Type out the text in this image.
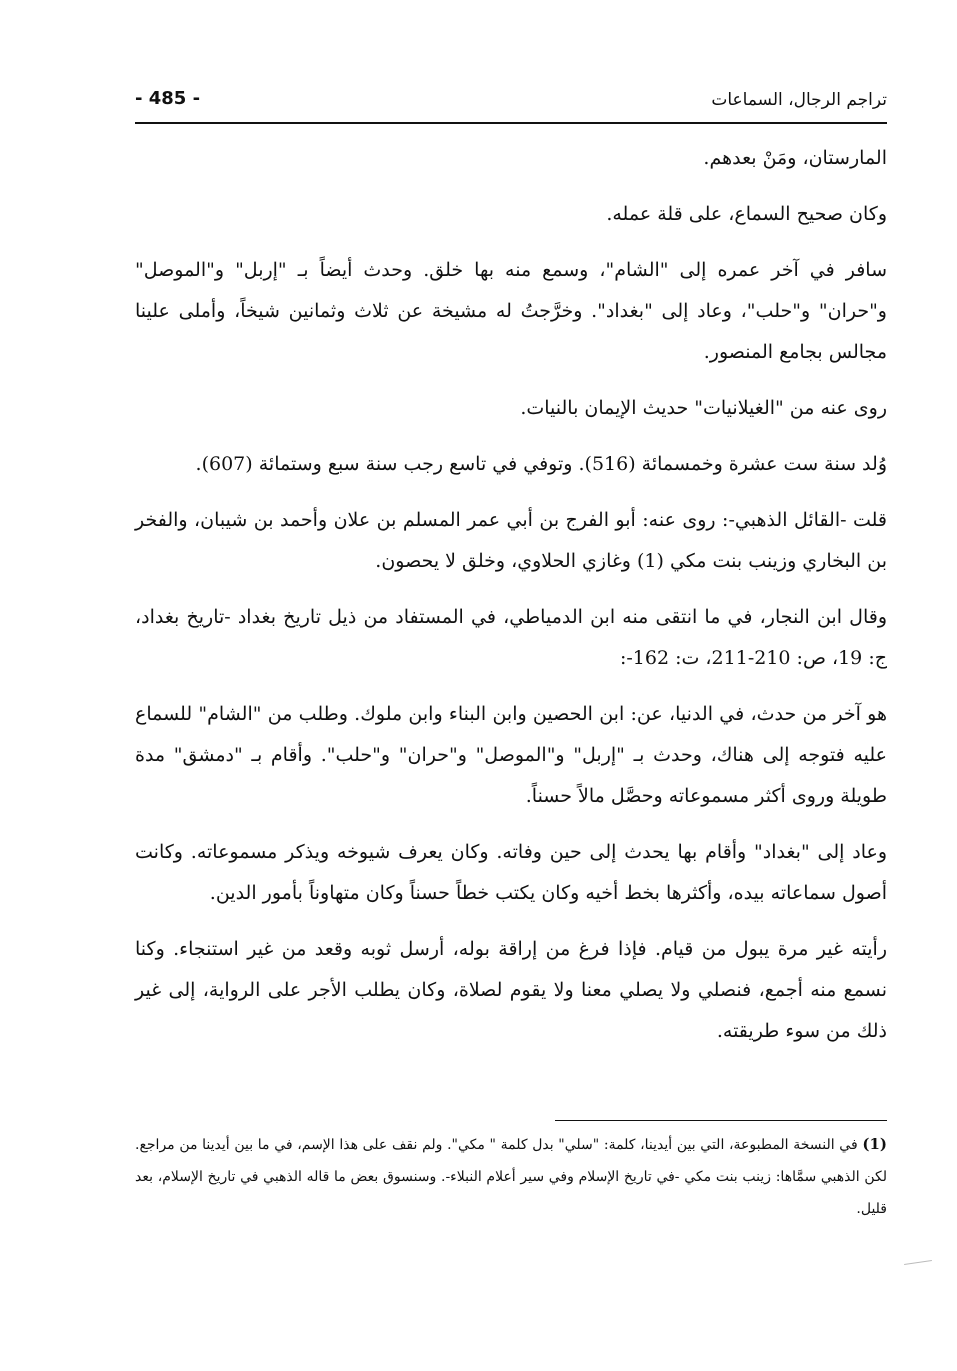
تراجم الرجال، السماعات
- 485 -

المارستان، ومَنْ بعدهم.

وكان صحيح السماع، على قلة عمله.

سافر في آخر عمره إلى "الشام"، وسمع منه بها خلق. وحدث أيضاً بـ "إربل" و"الموصل" و"حران" و"حلب"، وعاد إلى "بغداد". وخرَّجتُ له مشيخة عن ثلاث وثمانين شيخاً، وأملى علينا مجالس بجامع المنصور.

روى عنه من "الغيلانيات" حديث الإيمان بالنيات.

وُلد سنة ست عشرة وخمسمائة (516). وتوفي في تاسع رجب سنة سبع وستمائة (607).

قلت -القائل الذهبي-: روى عنه: أبو الفرج بن أبي عمر المسلم بن علان وأحمد بن شيبان، والفخر بن البخاري وزينب بنت مكي (1) وغازي الحلاوي، وخلق لا يحصون.

وقال ابن النجار، في ما انتقى منه ابن الدمياطي، في المستفاد من ذيل تاريخ بغداد -تاريخ بغداد، ج: 19، ص: 210-211، ت: 162-:

هو آخر من حدث، في الدنيا، عن: ابن الحصين وابن البناء وابن ملوك. وطلب من "الشام" للسماع عليه فتوجه إلى هناك، وحدث بـ "إربل" و"الموصل" و"حران" و"حلب". وأقام بـ "دمشق" مدة طويلة وروى أكثر مسموعاته وحصَّل مالاً حسناً.

وعاد إلى "بغداد" وأقام بها يحدث إلى حين وفاته. وكان يعرف شيوخه ويذكر مسموعاته. وكانت أصول سماعاته بيده، وأكثرها بخط أخيه وكان يكتب خطاً حسناً وكان متهاوناً بأمور الدين.

رأيته غير مرة يبول من قيام. فإذا فرغ من إراقة بوله، أرسل ثوبه وقعد من غير استنجاء. وكنا نسمع منه أجمع، فنصلي ولا يصلي معنا ولا يقوم لصلاة، وكان يطلب الأجر على الرواية، إلى غير ذلك من سوء طريقته.

(1) في النسخة المطبوعة، التي بين أيدينا، كلمة: "سلي" بدل كلمة " مكي". ولم نقف على هذا الإسم، في ما بين أيدينا من مراجع. لكن الذهبي سمَّاها: زينب بنت مكي -في تاريخ الإسلام وفي سير أعلام النبلاء-. وسنسوق بعض ما قاله الذهبي في تاريخ الإسلام، بعد قليل.
